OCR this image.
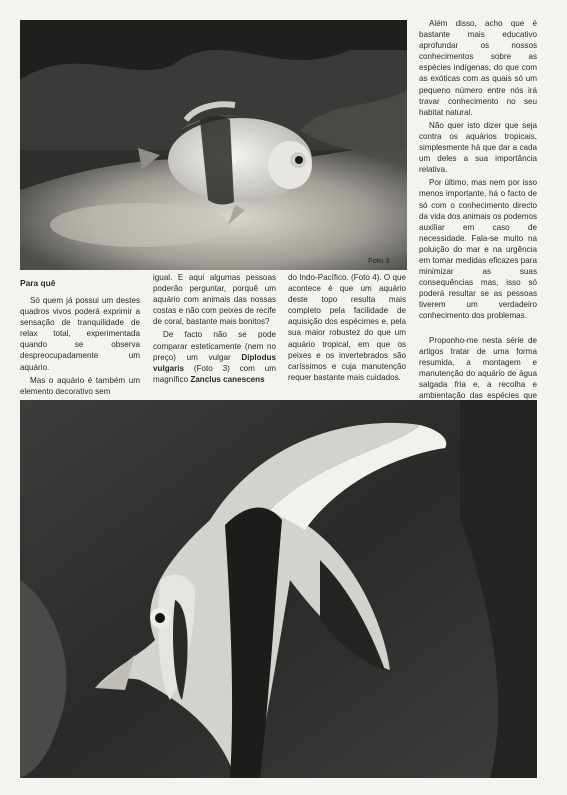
Foto 3

Para quê

Só quem já possui um destes quadros vivos poderá exprimir a sensação de tranquilidade de relax total, experimentada quando se observa despreocupadamente um aquário.

Mas o aquário é também um elemento decorativo sem

igual. E aqui algumas pessoas poderão perguntar, porquê um aquário com animais das nossas costas e não com peixes de recife de coral, bastante mais bonitos?

De facto não se pode comparar esteticamente (nem no preço) um vulgar Diplodus vulgaris (Foto 3) com um magnífico Zanclus canescens

do Indo-Pacífico. (Foto 4). O que acontece é que um aquário deste topo resulta mais completo pela facilidade de aquisição dos espécimes e, pela sua maior robustez do que um aquário tropical, em que os peixes e os invertebrados são caríssimos e cuja manutenção requer bastante mais cuidados.

Além disso, acho que é bastante mais educativo aprofundar os nossos conhecimentos sobre as espécies indígenas, do que com as exóticas com as quais só um pequeno número entre nós irá travar conhecimento no seu habitat natural.

Não quer isto dizer que seja contra os aquários tropicais, simplesmente há que dar a cada um deles a sua importância relativa.

Por último, mas nem por isso menos importante, há o facto de só com o conhecimento directo da vida dos animais os podemos auxiliar em caso de necessidade. Fala-se muito na poluição do mar e na urgência em tomar medidas eficazes para minimizar as suas consequências mas, isso só poderá resultar se as pessoas tiverem um verdadeiro conhecimento dos problemas.

Proponho-me nesta série de artigos tratar de uma forma resumida, a montagem e manutenção do aquário de água salgada fria e, a recolha e ambientação das espécies que
